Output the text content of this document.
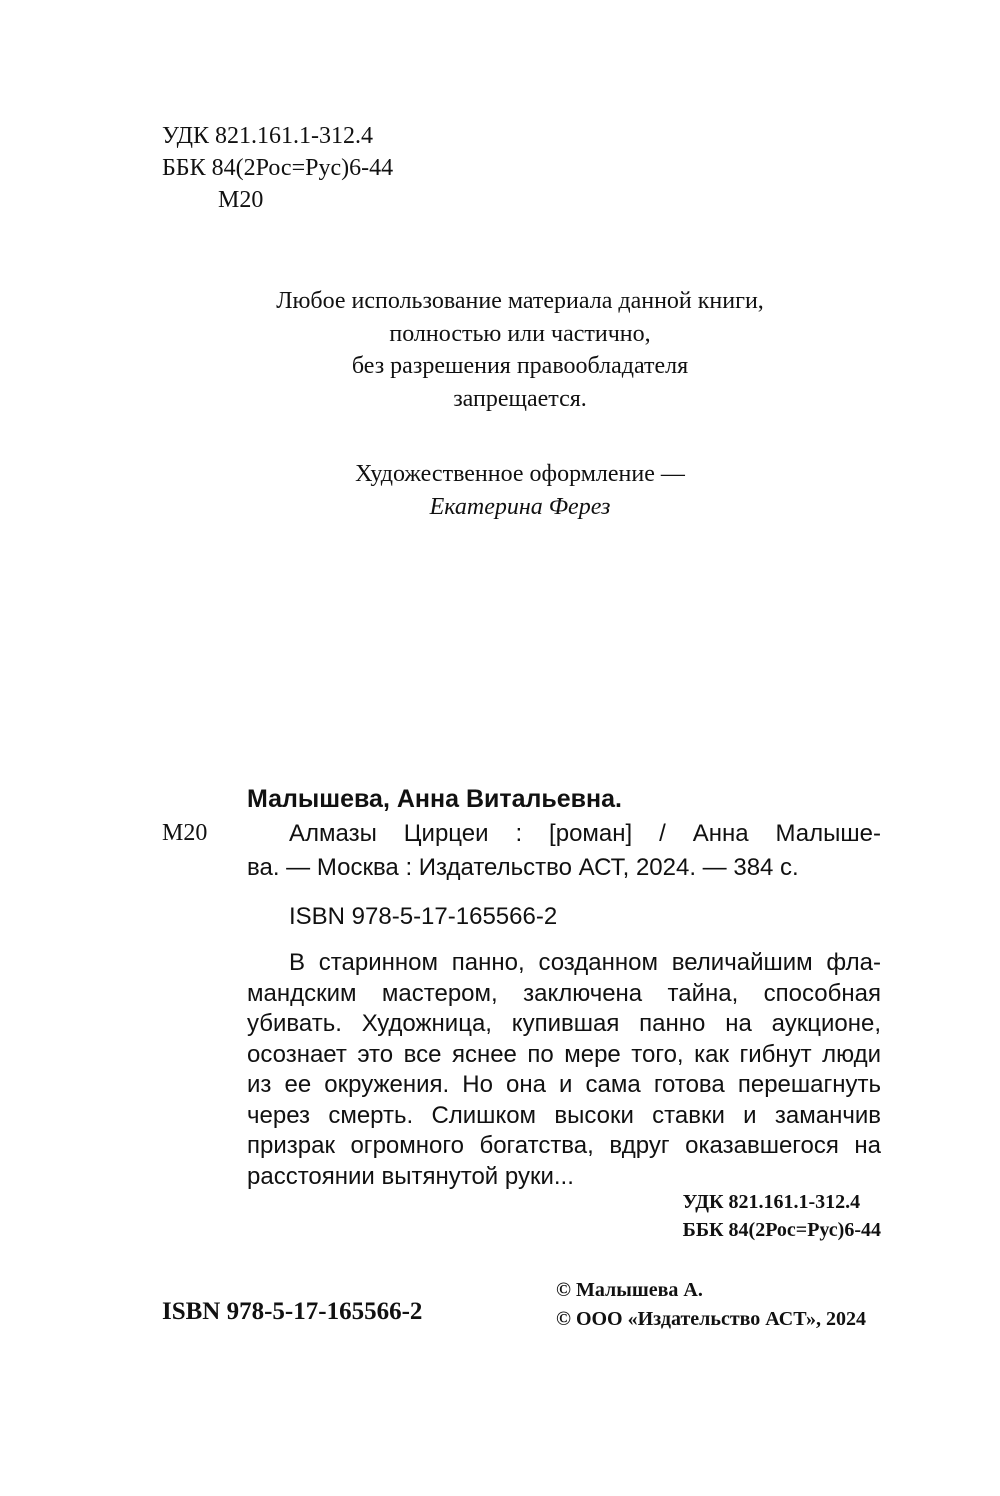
УДК 821.161.1-312.4
ББК 84(2Рос=Рус)6-44
М20
Любое использование материала данной книги,
полностью или частично,
без разрешения правообладателя
запрещается.
Художественное оформление —
Екатерина Ферез
Малышева, Анна Витальевна.
М20	Алмазы Цирцеи : [роман] / Анна Малыше-
ва. — Москва : Издательство АСТ, 2024. — 384 с.
ISBN 978-5-17-165566-2
В старинном панно, созданном величайшим фла-
мандским мастером, заключена тайна, способная
убивать. Художница, купившая панно на аукционе,
осознает это все яснее по мере того, как гибнут люди
из ее окружения. Но она и сама готова перешагнуть
через смерть. Слишком высоки ставки и заманчив
призрак огромного богатства, вдруг оказавшегося на
расстоянии вытянутой руки...
УДК 821.161.1-312.4
ББК 84(2Рос=Рус)6-44
ISBN 978-5-17-165566-2
© Малышева А.
© ООО «Издательство АСТ», 2024
